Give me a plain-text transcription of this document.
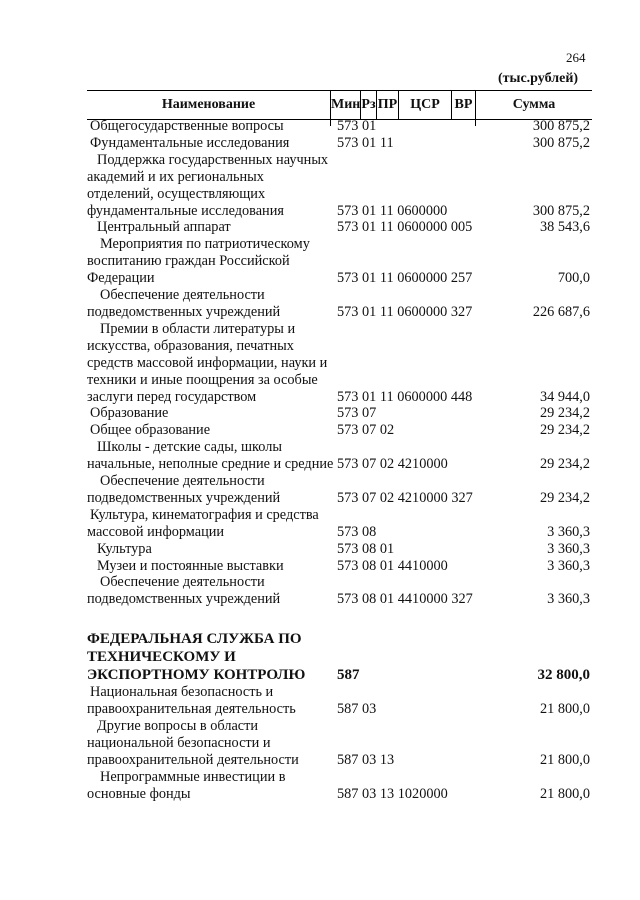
264
(тыс.рублей)
Наименование	Мин Рз ПР ЦСР	ВР	Сумма
Общегосударственные вопросы	573 01	300 875,2
Фундаментальные исследования	573 01 11	300 875,2
Поддержка государственных научных академий и их региональных отделений, осуществляющих фундаментальные исследования	573 01 11 0600000	300 875,2
Центральный аппарат	573 01 11 0600000 005	38 543,6
Мероприятия по патриотическому воспитанию граждан Российской Федерации	573 01 11 0600000 257	700,0
Обеспечение деятельности подведомственных учреждений	573 01 11 0600000 327	226 687,6
Премии в области литературы и искусства, образования, печатных средств массовой информации, науки и техники и иные поощрения за особые заслуги перед государством	573 01 11 0600000 448	34 944,0
Образование	573 07	29 234,2
Общее образование	573 07 02	29 234,2
Школы - детские сады, школы начальные, неполные средние и средние 573 07 02 4210000	29 234,2
Обеспечение деятельности подведомственных учреждений	573 07 02 4210000 327	29 234,2
Культура, кинематография и средства массовой информации	573 08	3 360,3
Культура	573 08 01	3 360,3
Музеи и постоянные выставки	573 08 01 4410000	3 360,3
Обеспечение деятельности подведомственных учреждений	573 08 01 4410000 327	3 360,3
ФЕДЕРАЛЬНАЯ СЛУЖБА ПО ТЕХНИЧЕСКОМУ И ЭКСПОРТНОМУ КОНТРОЛЮ	587	32 800,0
Национальная безопасность и правоохранительная деятельность	587 03	21 800,0
Другие вопросы в области национальной безопасности и правоохранительной деятельности	587 03 13	21 800,0
Непрограммные инвестиции в основные фонды	587 03 13 1020000	21 800,0
